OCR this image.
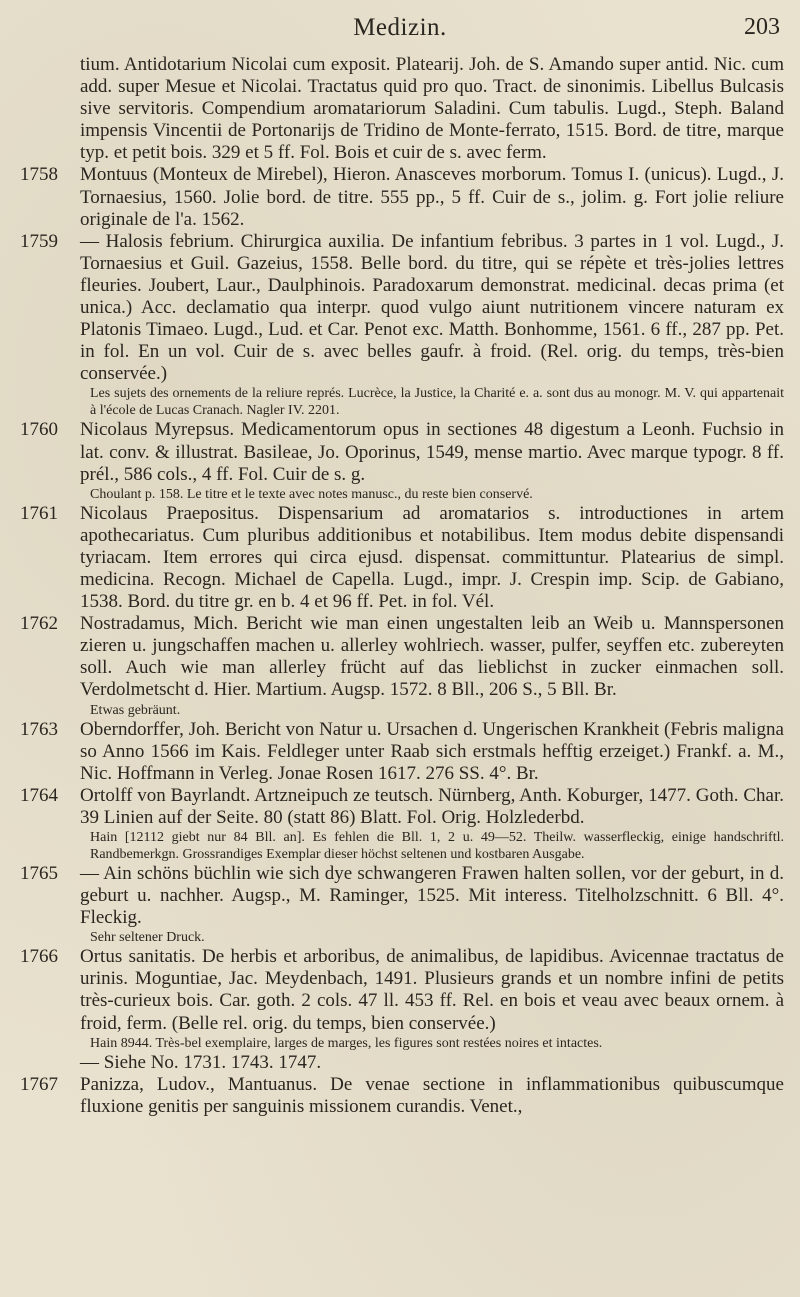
Medizin.	203
tium. Antidotarium Nicolai cum exposit. Platearij. Joh. de S. Amando super antid. Nic. cum add. super Mesue et Nicolai. Tractatus quid pro quo. Tract. de sinonimis. Libellus Bulcasis sive servitoris. Compendium aromatariorum Saladini. Cum tabulis. Lugd., Steph. Baland impensis Vincentii de Portonarijs de Tridino de Monte-ferrato, 1515. Bord. de titre, marque typ. et petit bois. 329 et 5 ff. Fol. Bois et cuir de s. avec ferm.
1758 Montuus (Monteux de Mirebel), Hieron. Anasceves morborum. Tomus I. (unicus). Lugd., J. Tornaesius, 1560. Jolie bord. de titre. 555 pp., 5 ff. Cuir de s., jolim. g. Fort jolie reliure originale de l'a. 1562.
1759 — Halosis febrium. Chirurgica auxilia. De infantium febribus. 3 partes in 1 vol. Lugd., J. Tornaesius et Guil. Gazeius, 1558. Belle bord. du titre, qui se répète et très-jolies lettres fleuries. Joubert, Laur., Daulphinois. Paradoxarum demonstrat. medicinal. decas prima (et unica.) Acc. declamatio qua interpr. quod vulgo aiunt nutritionem vincere naturam ex Platonis Timaeo. Lugd., Lud. et Car. Penot exc. Matth. Bonhomme, 1561. 6 ff., 287 pp. Pet. in fol. En un vol. Cuir de s. avec belles gaufr. à froid. (Rel. orig. du temps, très-bien conservée.)
Les sujets des ornements de la reliure représ. Lucrèce, la Justice, la Charité e. a. sont dus au monogr. M. V. qui appartenait à l'école de Lucas Cranach. Nagler IV. 2201.
1760 Nicolaus Myrepsus. Medicamentorum opus in sectiones 48 digestum a Leonh. Fuchsio in lat. conv. & illustrat. Basileae, Jo. Oporinus, 1549, mense martio. Avec marque typogr. 8 ff. prél., 586 cols., 4 ff. Fol. Cuir de s. g.
Choulant p. 158. Le titre et le texte avec notes manusc., du reste bien conservé.
1761 Nicolaus Praepositus. Dispensarium ad aromatarios s. introductiones in artem apothecariatus. Cum pluribus additionibus et notabilibus. Item modus debite dispensandi tyriacam. Item errores qui circa ejusd. dispensat. committuntur. Platearius de simpl. medicina. Recogn. Michael de Capella. Lugd., impr. J. Crespin imp. Scip. de Gabiano, 1538. Bord. du titre gr. en b. 4 et 96 ff. Pet. in fol. Vél.
1762 Nostradamus, Mich. Bericht wie man einen ungestalten leib an Weib u. Mannspersonen zieren u. jungschaffen machen u. allerley wohlriech. wasser, pulfer, seyffen etc. zubereyten soll. Auch wie man allerley frücht auf das lieblichst in zucker einmachen soll. Verdolmetscht d. Hier. Martium. Augsp. 1572. 8 Bll., 206 S., 5 Bll. Br.
Etwas gebräunt.
1763 Oberndorffer, Joh. Bericht von Natur u. Ursachen d. Ungerischen Krankheit (Febris maligna so Anno 1566 im Kais. Feldleger unter Raab sich erstmals hefftig erzeiget.) Frankf. a. M., Nic. Hoffmann in Verleg. Jonae Rosen 1617. 276 SS. 4°. Br.
1764 Ortolff von Bayrlandt. Artzneipuch ze teutsch. Nürnberg, Anth. Koburger, 1477. Goth. Char. 39 Linien auf der Seite. 80 (statt 86) Blatt. Fol. Orig. Holzlederbd.
Hain [12112 giebt nur 84 Bll. an]. Es fehlen die Bll. 1, 2 u. 49—52. Theilw. wasserfleckig, einige handschriftl. Randbemerkgn. Grossrandiges Exemplar dieser höchst seltenen und kostbaren Ausgabe.
1765 — Ain schöns büchlin wie sich dye schwangeren Frawen halten sollen, vor der geburt, in d. geburt u. nachher. Augsp., M. Raminger, 1525. Mit interess. Titelholzschnitt. 6 Bll. 4°. Fleckig.
Sehr seltener Druck.
1766 Ortus sanitatis. De herbis et arboribus, de animalibus, de lapidibus. Avicennae tractatus de urinis. Moguntiae, Jac. Meydenbach, 1491. Plusieurs grands et un nombre infini de petits très-curieux bois. Car. goth. 2 cols. 47 ll. 453 ff. Rel. en bois et veau avec beaux ornem. à froid, ferm. (Belle rel. orig. du temps, bien conservée.)
Hain 8944. Très-bel exemplaire, larges de marges, les figures sont restées noires et intactes.
— Siehe No. 1731. 1743. 1747.
1767 Panizza, Ludov., Mantuanus. De venae sectione in inflammationibus quibuscumque fluxione genitis per sanguinis missionem curandis. Venet.,
